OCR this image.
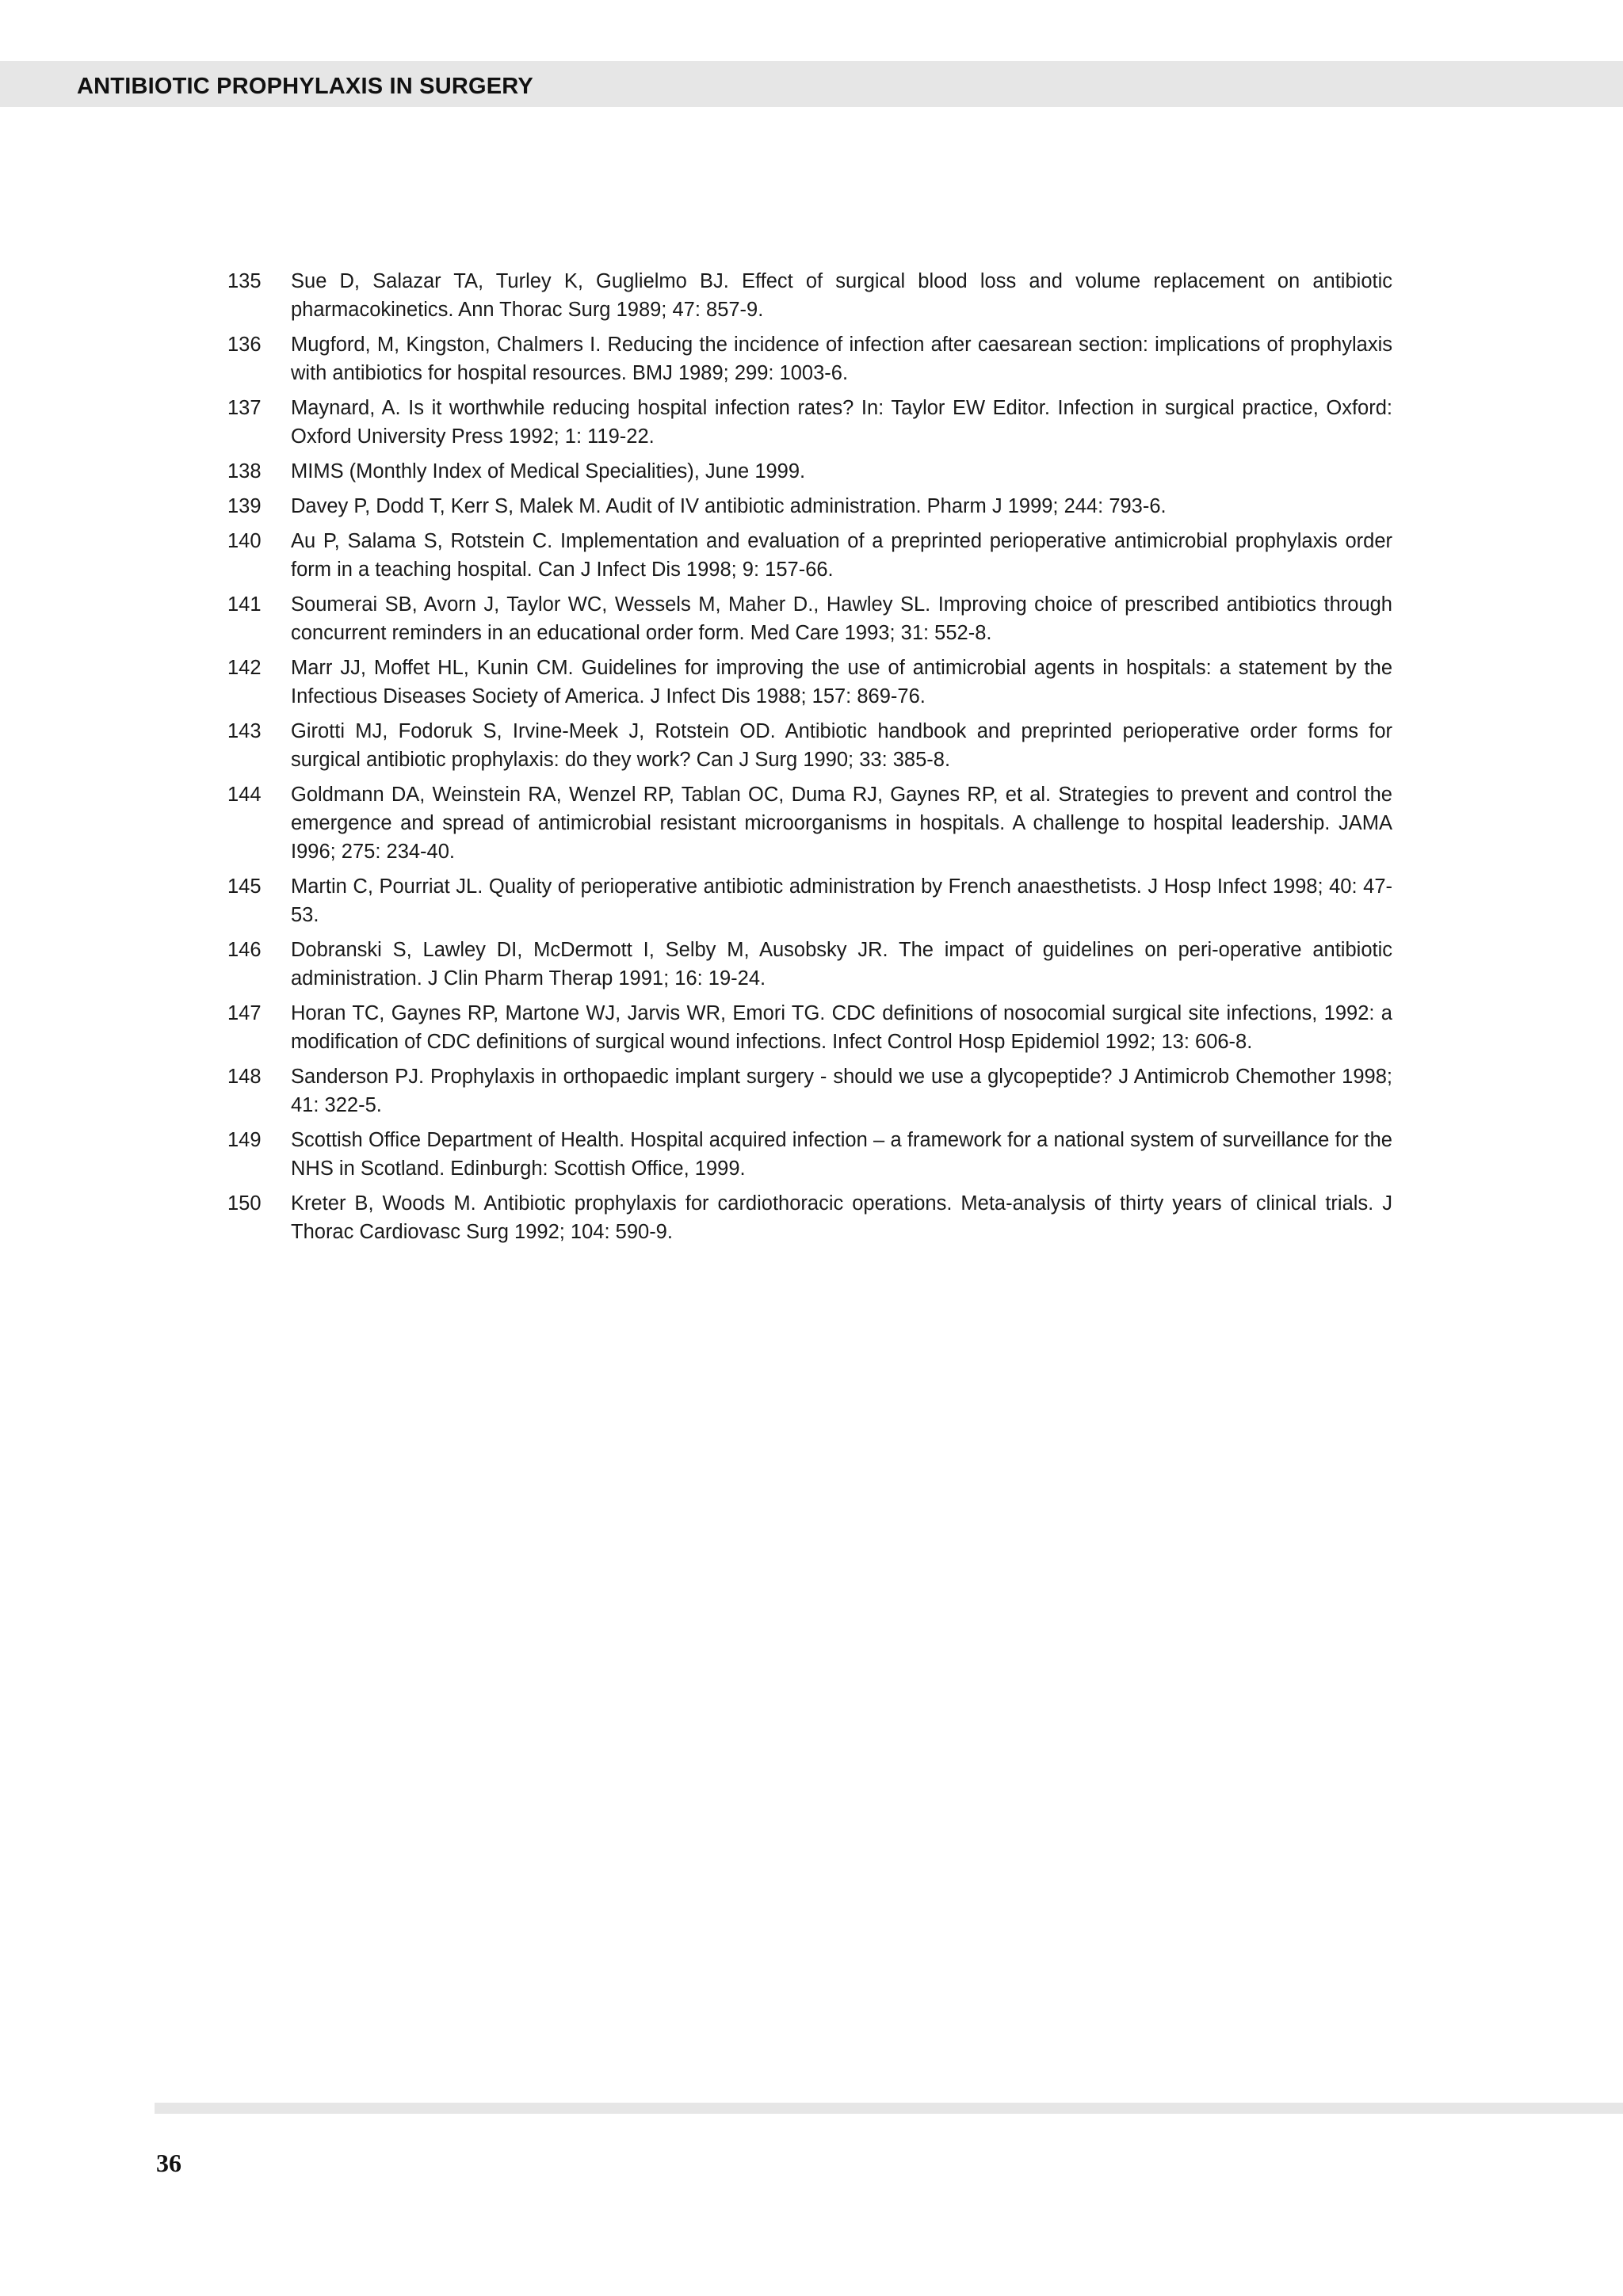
ANTIBIOTIC PROPHYLAXIS IN SURGERY
135	Sue D, Salazar TA, Turley K, Guglielmo BJ. Effect of surgical blood loss and volume replacement on antibiotic pharmacokinetics. Ann Thorac Surg 1989; 47: 857-9.
136	Mugford, M, Kingston, Chalmers I. Reducing the incidence of infection after caesarean section: implications of prophylaxis with antibiotics for hospital resources. BMJ 1989; 299: 1003-6.
137	Maynard, A. Is it worthwhile reducing hospital infection rates? In: Taylor EW Editor. Infection in surgical practice, Oxford: Oxford University Press 1992; 1: 119-22.
138	MIMS (Monthly Index of Medical Specialities), June 1999.
139	Davey P, Dodd T, Kerr S, Malek M. Audit of IV antibiotic administration. Pharm J 1999; 244: 793-6.
140	Au P, Salama S, Rotstein C. Implementation and evaluation of a preprinted perioperative antimicrobial prophylaxis order form in a teaching hospital. Can J Infect Dis 1998; 9: 157-66.
141	Soumerai SB, Avorn J, Taylor WC, Wessels M, Maher D., Hawley SL. Improving choice of prescribed antibiotics through concurrent reminders in an educational order form. Med Care 1993; 31: 552-8.
142	Marr JJ, Moffet HL, Kunin CM. Guidelines for improving the use of antimicrobial agents in hospitals: a statement by the Infectious Diseases Society of America. J Infect Dis 1988; 157: 869-76.
143	Girotti MJ, Fodoruk S, Irvine-Meek J, Rotstein OD. Antibiotic handbook and preprinted perioperative order forms for surgical antibiotic prophylaxis: do they work? Can J Surg 1990; 33: 385-8.
144	Goldmann DA, Weinstein RA, Wenzel RP, Tablan OC, Duma RJ, Gaynes RP, et al. Strategies to prevent and control the emergence and spread of antimicrobial resistant microorganisms in hospitals. A challenge to hospital leadership. JAMA I996; 275: 234-40.
145	Martin C, Pourriat JL. Quality of perioperative antibiotic administration by French anaesthetists. J Hosp Infect 1998; 40: 47-53.
146	Dobranski S, Lawley DI, McDermott I, Selby M, Ausobsky JR. The impact of guidelines on peri-operative antibiotic administration. J Clin Pharm Therap 1991; 16: 19-24.
147	Horan TC, Gaynes RP, Martone WJ, Jarvis WR, Emori TG. CDC definitions of nosocomial surgical site infections, 1992: a modification of CDC definitions of surgical wound infections. Infect Control Hosp Epidemiol 1992; 13: 606-8.
148	Sanderson PJ. Prophylaxis in orthopaedic implant surgery - should we use a glycopeptide? J Antimicrob Chemother 1998; 41: 322-5.
149	Scottish Office Department of Health. Hospital acquired infection – a framework for a national system of surveillance for the NHS in Scotland. Edinburgh: Scottish Office, 1999.
150	Kreter B, Woods M. Antibiotic prophylaxis for cardiothoracic operations. Meta-analysis of thirty years of clinical trials. J Thorac Cardiovasc Surg 1992; 104: 590-9.
36
